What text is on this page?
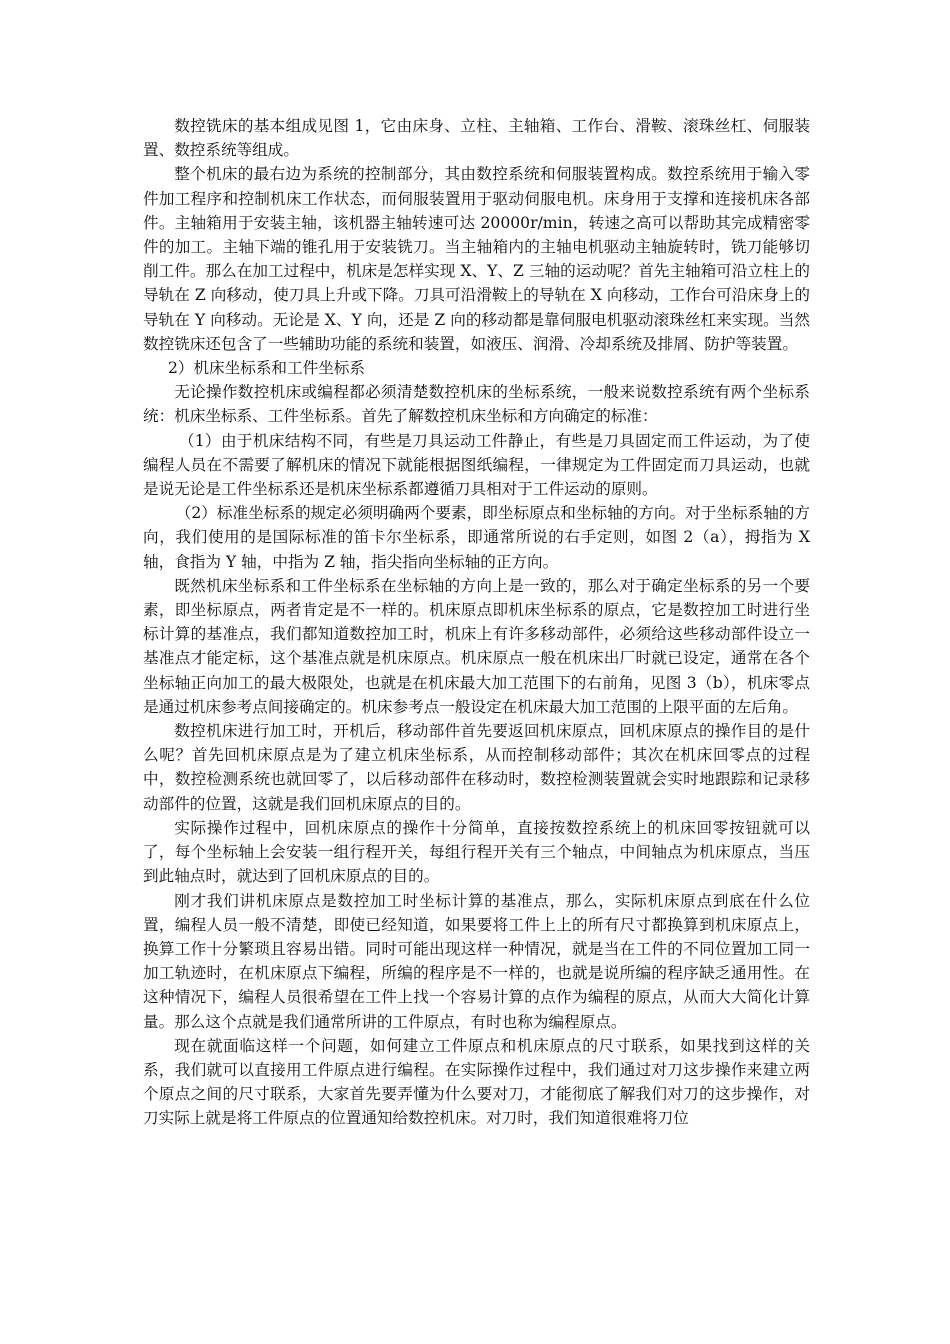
数控铣床的基本组成见图 1，它由床身、立柱、主轴箱、工作台、滑鞍、滚珠丝杠、伺服装置、数控系统等组成。

整个机床的最右边为系统的控制部分，其由数控系统和伺服装置构成。数控系统用于输入零件加工程序和控制机床工作状态，而伺服装置用于驱动伺服电机。床身用于支撑和连接机床各部件。主轴箱用于安装主轴，该机器主轴转速可达 20000r/min，转速之高可以帮助其完成精密零件的加工。主轴下端的锥孔用于安装铣刀。当主轴箱内的主轴电机驱动主轴旋转时，铣刀能够切削工件。那么在加工过程中，机床是怎样实现 X、Y、Z 三轴的运动呢？首先主轴箱可沿立柱上的导轨在 Z 向移动，使刀具上升或下降。刀具可沿滑鞍上的导轨在 X 向移动，工作台可沿床身上的导轨在 Y 向移动。无论是 X、Y 向，还是 Z 向的移动都是靠伺服电机驱动滚珠丝杠来实现。当然数控铣床还包含了一些辅助功能的系统和装置，如液压、润滑、冷却系统及排屑、防护等装置。

2）机床坐标系和工件坐标系

无论操作数控机床或编程都必须清楚数控机床的坐标系统，一般来说数控系统有两个坐标系统：机床坐标系、工件坐标系。首先了解数控机床坐标和方向确定的标准：

（1）由于机床结构不同，有些是刀具运动工件静止，有些是刀具固定而工件运动，为了使编程人员在不需要了解机床的情况下就能根据图纸编程，一律规定为工件固定而刀具运动，也就是说无论是工件坐标系还是机床坐标系都遵循刀具相对于工件运动的原则。

（2）标准坐标系的规定必须明确两个要素，即坐标原点和坐标轴的方向。对于坐标系轴的方向，我们使用的是国际标准的笛卡尔坐标系，即通常所说的右手定则，如图 2（a），拇指为 X 轴，食指为 Y 轴，中指为 Z 轴，指尖指向坐标轴的正方向。

既然机床坐标系和工件坐标系在坐标轴的方向上是一致的，那么对于确定坐标系的另一个要素，即坐标原点，两者肯定是不一样的。机床原点即机床坐标系的原点，它是数控加工时进行坐标计算的基准点，我们都知道数控加工时，机床上有许多移动部件，必须给这些移动部件设立一基准点才能定标，这个基准点就是机床原点。机床原点一般在机床出厂时就已设定，通常在各个坐标轴正向加工的最大极限处，也就是在机床最大加工范围下的右前角，见图 3（b），机床零点是通过机床参考点间接确定的。机床参考点一般设定在机床最大加工范围的上限平面的左后角。

数控机床进行加工时，开机后，移动部件首先要返回机床原点，回机床原点的操作目的是什么呢？首先回机床原点是为了建立机床坐标系，从而控制移动部件；其次在机床回零点的过程中，数控检测系统也就回零了，以后移动部件在移动时，数控检测装置就会实时地跟踪和记录移动部件的位置，这就是我们回机床原点的目的。

实际操作过程中，回机床原点的操作十分简单，直接按数控系统上的机床回零按钮就可以了，每个坐标轴上会安装一组行程开关，每组行程开关有三个轴点，中间轴点为机床原点，当压到此轴点时，就达到了回机床原点的目的。

刚才我们讲机床原点是数控加工时坐标计算的基准点，那么，实际机床原点到底在什么位置，编程人员一般不清楚，即使已经知道，如果要将工件上上的所有尺寸都换算到机床原点上，换算工作十分繁琐且容易出错。同时可能出现这样一种情况，就是当在工件的不同位置加工同一加工轨迹时，在机床原点下编程，所编的程序是不一样的，也就是说所编的程序缺乏通用性。在这种情况下，编程人员很希望在工件上找一个容易计算的点作为编程的原点，从而大大简化计算量。那么这个点就是我们通常所讲的工件原点，有时也称为编程原点。

现在就面临这样一个问题，如何建立工件原点和机床原点的尺寸联系，如果找到这样的关系，我们就可以直接用工件原点进行编程。在实际操作过程中，我们通过对刀这步操作来建立两个原点之间的尺寸联系，大家首先要弄懂为什么要对刀，才能彻底了解我们对刀的这步操作，对刀实际上就是将工件原点的位置通知给数控机床。对刀时，我们知道很难将刀位
